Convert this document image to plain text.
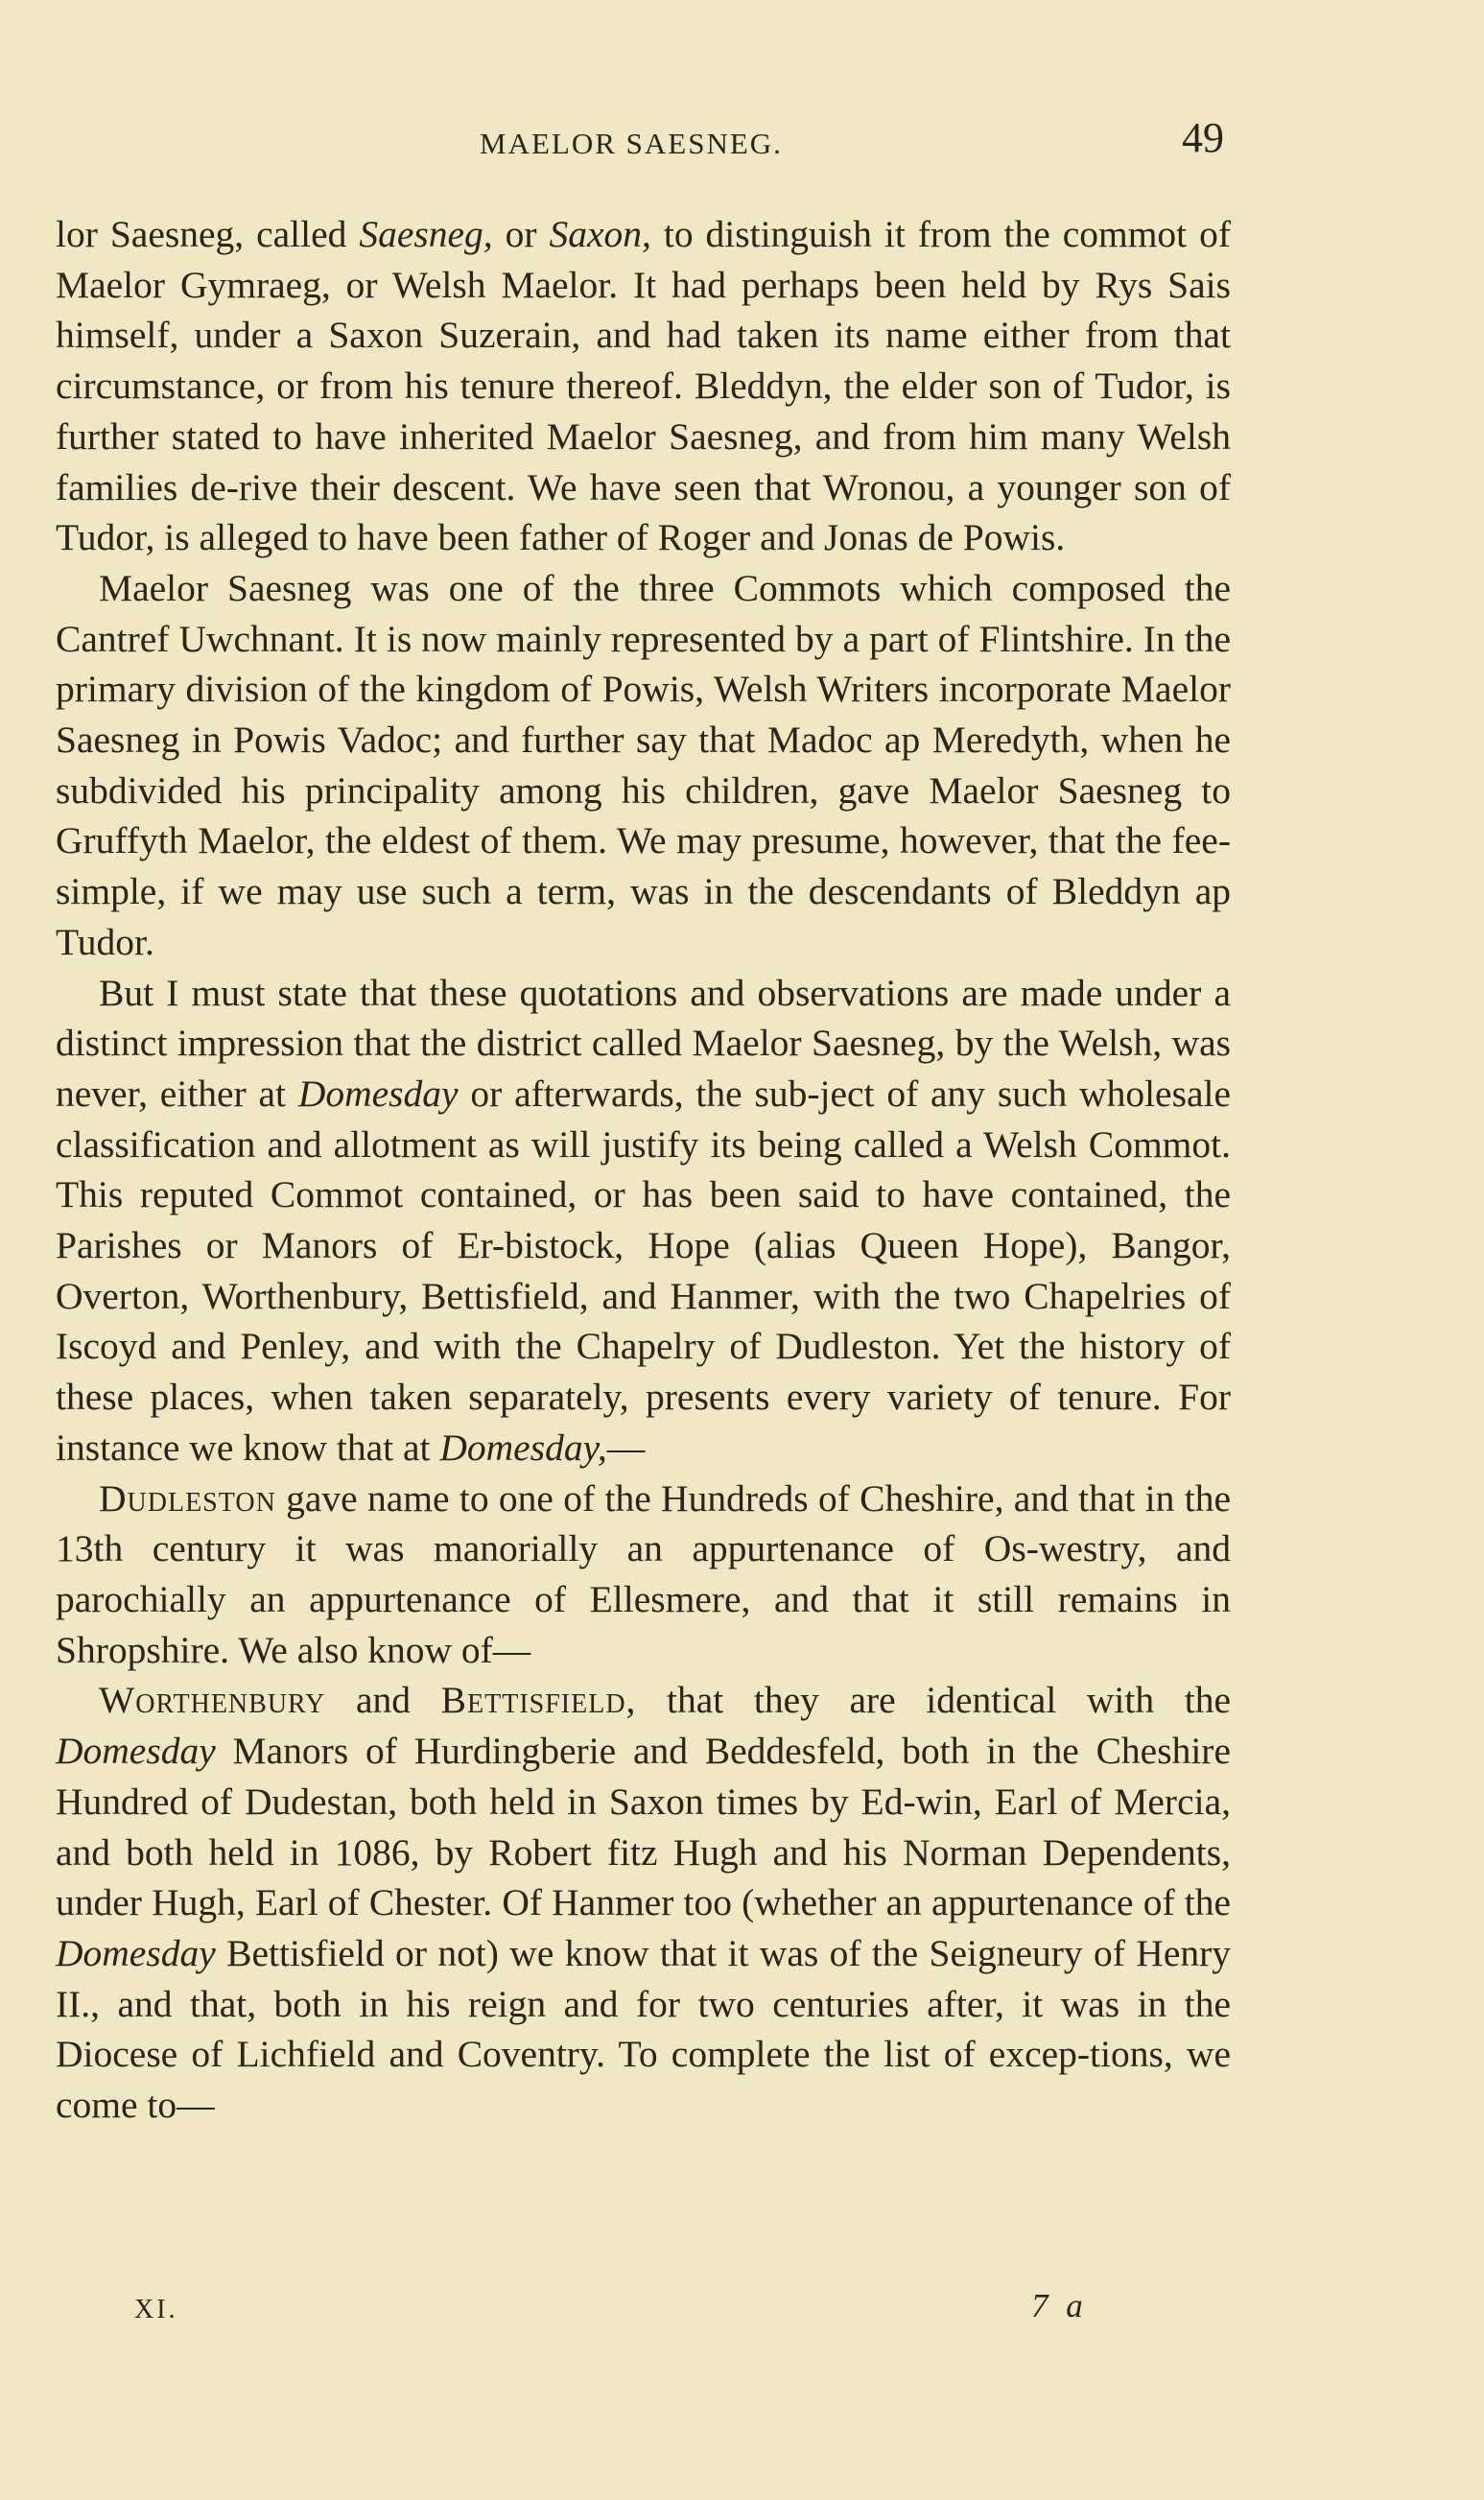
MAELOR SAESNEG.	49

lor Saesneg, called Saesneg, or Saxon, to distinguish it from the commot of Maelor Gymraeg, or Welsh Maelor. It had perhaps been held by Rys Sais himself, under a Saxon Suzerain, and had taken its name either from that circumstance, or from his tenure thereof. Bleddyn, the elder son of Tudor, is further stated to have inherited Maelor Saesneg, and from him many Welsh families de-rive their descent. We have seen that Wronou, a younger son of Tudor, is alleged to have been father of Roger and Jonas de Powis.

Maelor Saesneg was one of the three Commots which composed the Cantref Uwchnant. It is now mainly represented by a part of Flintshire. In the primary division of the kingdom of Powis, Welsh Writers incorporate Maelor Saesneg in Powis Vadoc; and further say that Madoc ap Meredyth, when he subdivided his principality among his children, gave Maelor Saesneg to Gruffyth Maelor, the eldest of them. We may presume, however, that the fee-simple, if we may use such a term, was in the descendants of Bleddyn ap Tudor.

But I must state that these quotations and observations are made under a distinct impression that the district called Maelor Saesneg, by the Welsh, was never, either at Domesday or afterwards, the sub-ject of any such wholesale classification and allotment as will justify its being called a Welsh Commot. This reputed Commot contained, or has been said to have contained, the Parishes or Manors of Er-bistock, Hope (alias Queen Hope), Bangor, Overton, Worthenbury, Bettisfield, and Hanmer, with the two Chapelries of Iscoyd and Penley, and with the Chapelry of Dudleston. Yet the history of these places, when taken separately, presents every variety of tenure. For instance we know that at Domesday,—

Dudleston gave name to one of the Hundreds of Cheshire, and that in the 13th century it was manorially an appurtenance of Os-westry, and parochially an appurtenance of Ellesmere, and that it still remains in Shropshire. We also know of—

Worthenbury and Bettisfield, that they are identical with the Domesday Manors of Hurdingberie and Beddesfeld, both in the Cheshire Hundred of Dudestan, both held in Saxon times by Ed-win, Earl of Mercia, and both held in 1086, by Robert fitz Hugh and his Norman Dependents, under Hugh, Earl of Chester. Of Hanmer too (whether an appurtenance of the Domesday Bettisfield or not) we know that it was of the Seigneury of Henry II., and that, both in his reign and for two centuries after, it was in the Diocese of Lichfield and Coventry. To complete the list of excep-tions, we come to—

XI.	7 a
